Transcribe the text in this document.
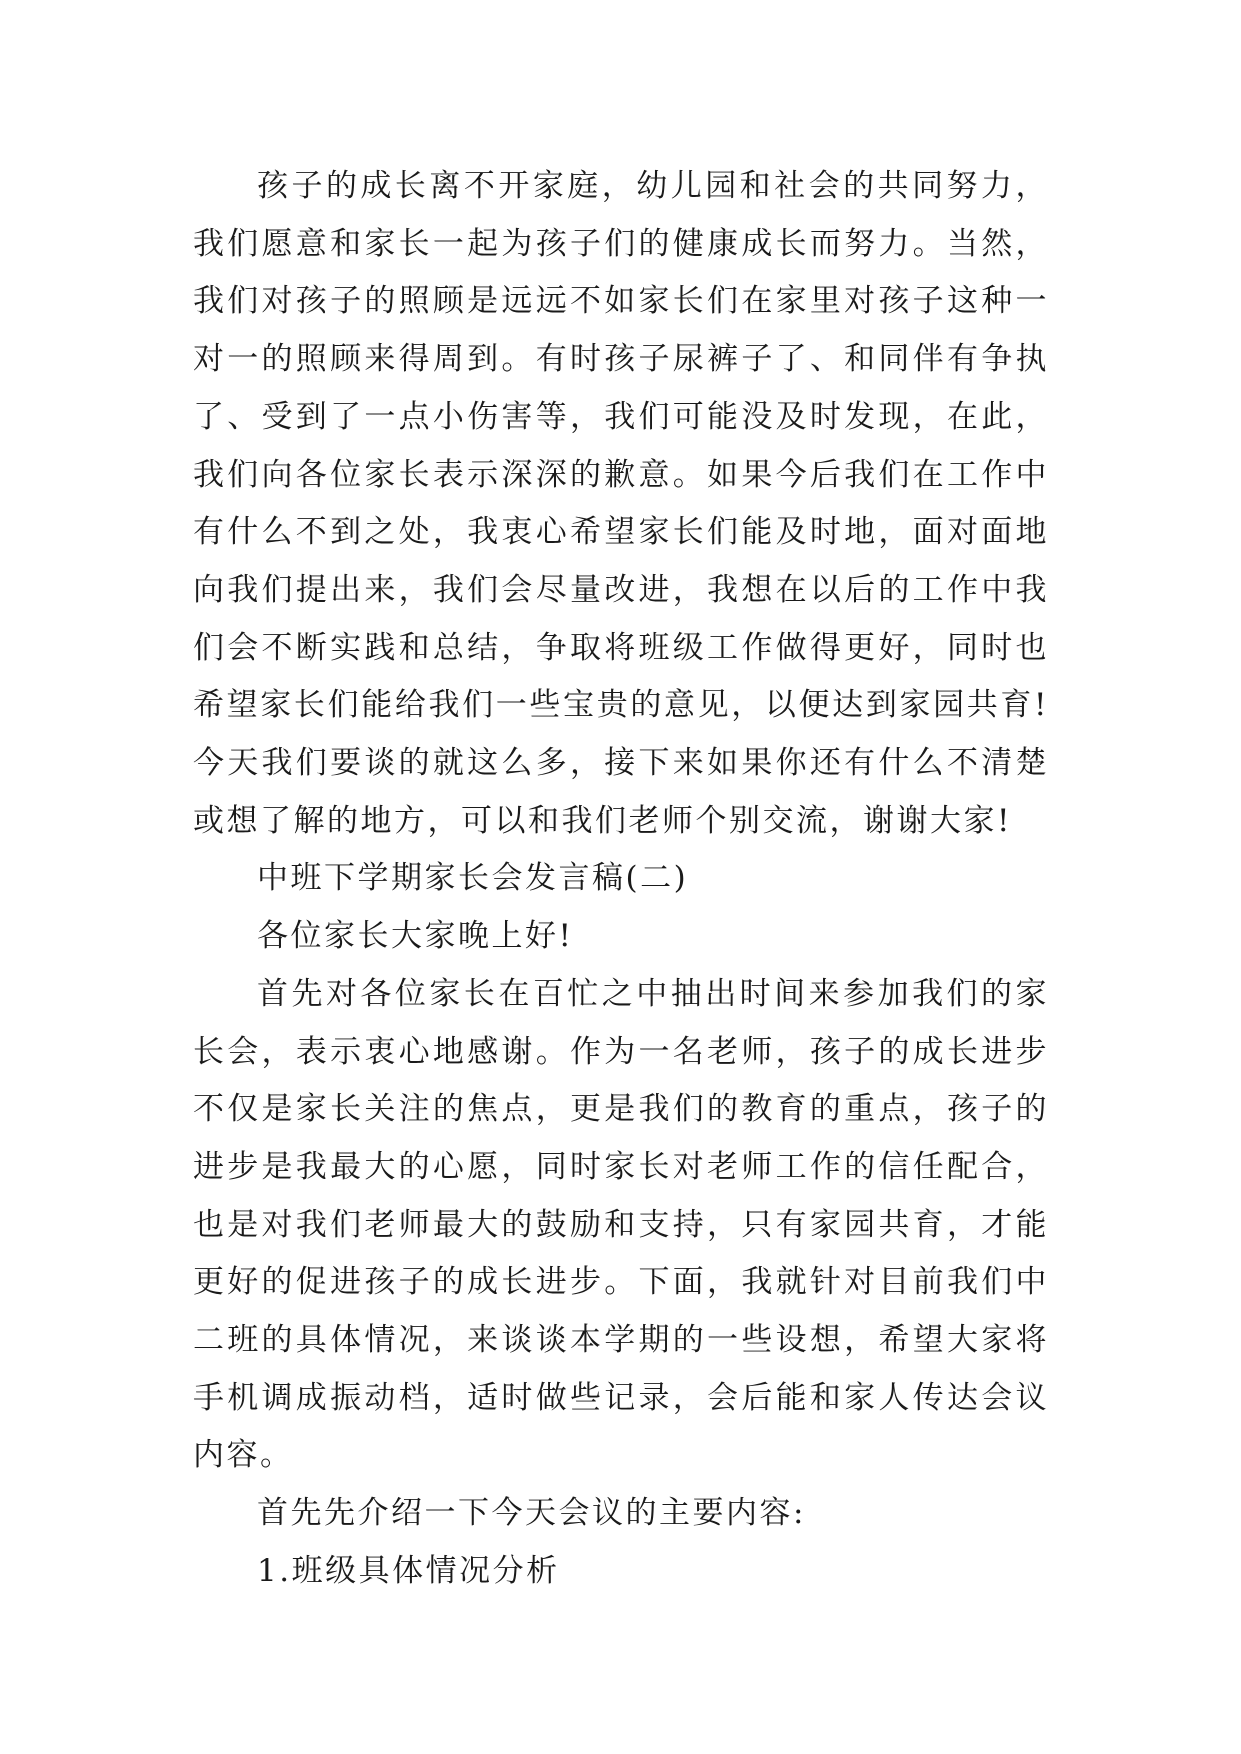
孩子的成长离不开家庭，幼儿园和社会的共同努力，我们愿意和家长一起为孩子们的健康成长而努力。当然，我们对孩子的照顾是远远不如家长们在家里对孩子这种一对一的照顾来得周到。有时孩子尿裤子了、和同伴有争执了、受到了一点小伤害等，我们可能没及时发现，在此，我们向各位家长表示深深的歉意。如果今后我们在工作中有什么不到之处，我衷心希望家长们能及时地，面对面地向我们提出来，我们会尽量改进，我想在以后的工作中我们会不断实践和总结，争取将班级工作做得更好，同时也希望家长们能给我们一些宝贵的意见，以便达到家园共育!今天我们要谈的就这么多，接下来如果你还有什么不清楚或想了解的地方，可以和我们老师个别交流，谢谢大家!

中班下学期家长会发言稿(二)

各位家长大家晚上好!

首先对各位家长在百忙之中抽出时间来参加我们的家长会，表示衷心地感谢。作为一名老师，孩子的成长进步不仅是家长关注的焦点，更是我们的教育的重点，孩子的进步是我最大的心愿，同时家长对老师工作的信任配合，也是对我们老师最大的鼓励和支持，只有家园共育，才能更好的促进孩子的成长进步。下面，我就针对目前我们中二班的具体情况，来谈谈本学期的一些设想，希望大家将手机调成振动档，适时做些记录，会后能和家人传达会议内容。

首先先介绍一下今天会议的主要内容:

1.班级具体情况分析
